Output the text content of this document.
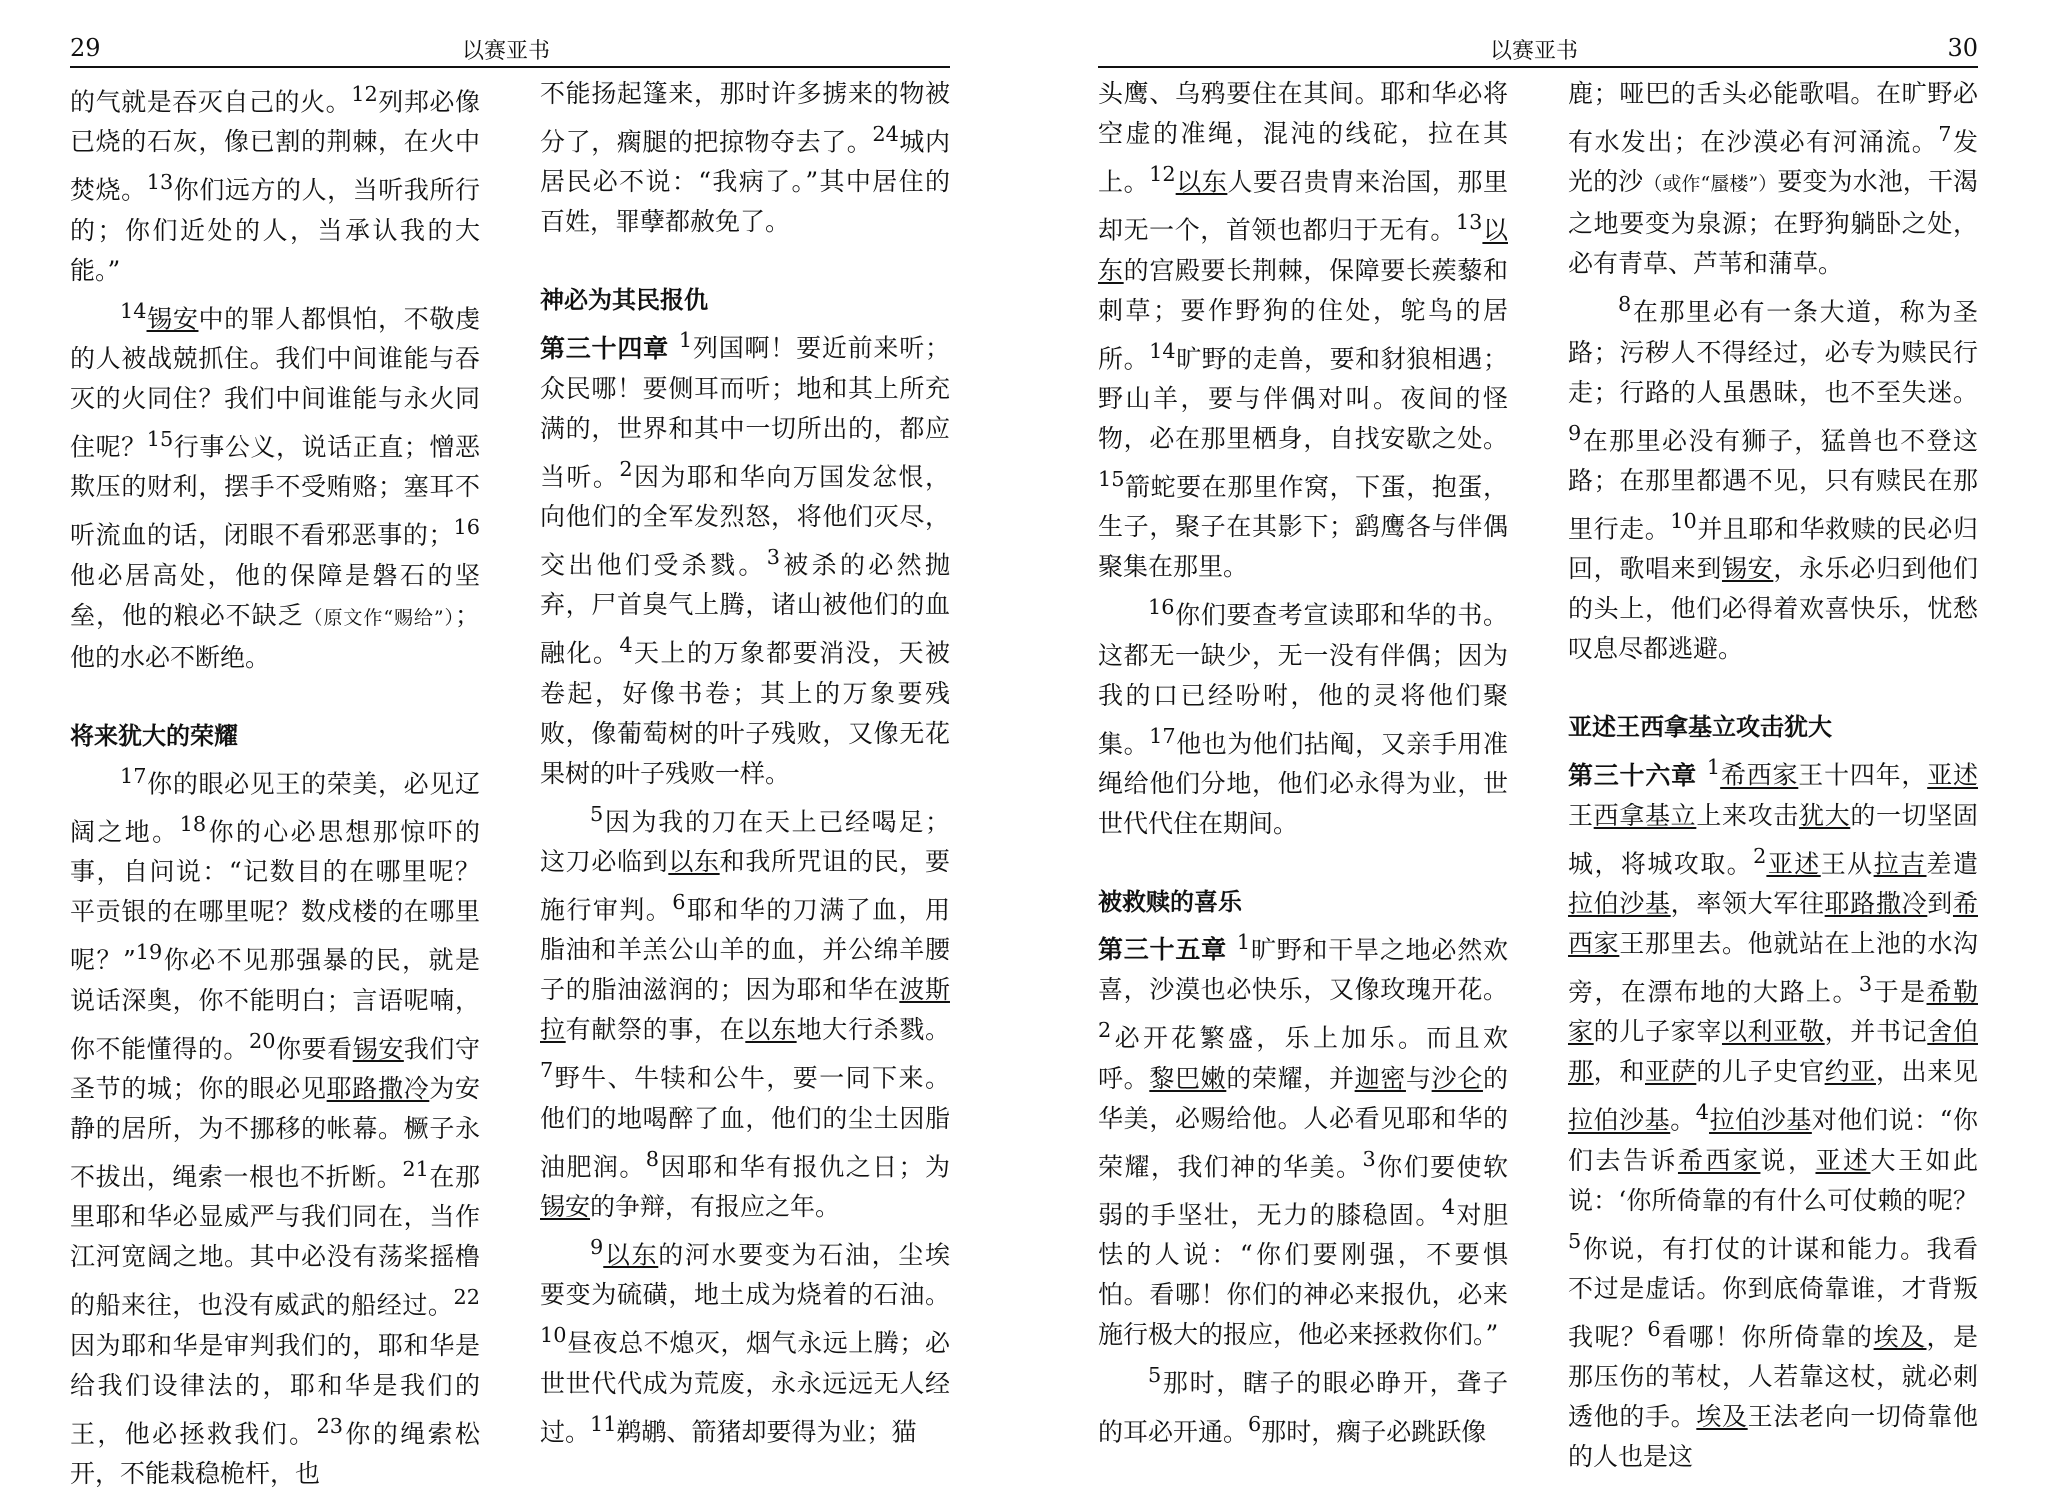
29	以赛亚书

的气就是吞灭自己的火。$^{12}$列邦必像已烧的石灰，像已割的荆棘，在火中焚烧。$^{13}$你们远方的人，当听我所行的；你们近处的人，当承认我的大能。”

$^{14}$锡安中的罪人都惧怕，不敬虔的人被战兢抓住。我们中间谁能与吞灭的火同住？我们中间谁能与永火同住呢？$^{15}$行事公义，说话正直；憎恶欺压的财利，摆手不受贿赂；塞耳不听流血的话，闭眼不看邪恶事的；$^{16}$他必居高处，他的保障是磐石的坚垒，他的粮必不缺乏（原文作“赐给”）；他的水必不断绝。

将来犹大的荣耀

$^{17}$你的眼必见王的荣美，必见辽阔之地。$^{18}$你的心必思想那惊吓的事，自问说：“记数目的在哪里呢？平贡银的在哪里呢？数戍楼的在哪里呢？”$^{19}$你必不见那强暴的民，就是说话深奥，你不能明白；言语呢喃，你不能懂得的。$^{20}$你要看锡安我们守圣节的城；你的眼必见耶路撒冷为安静的居所，为不挪移的帐幕。橛子永不拔出，绳索一根也不折断。$^{21}$在那里耶和华必显威严与我们同在，当作江河宽阔之地。其中必没有荡桨摇橹的船来往，也没有威武的船经过。$^{22}$因为耶和华是审判我们的，耶和华是给我们设律法的，耶和华是我们的王，他必拯救我们。$^{23}$你的绳索松开，不能栽稳桅杆，也

不能扬起篷来，那时许多掳来的物被分了，瘸腿的把掠物夺去了。$^{24}$城内居民必不说：“我病了。”其中居住的百姓，罪孽都赦免了。

神必为其民报仇

第三十四章 $^1$列国啊！要近前来听；众民哪！要侧耳而听；地和其上所充满的，世界和其中一切所出的，都应当听。$^2$因为耶和华向万国发忿恨，向他们的全军发烈怒，将他们灭尽，交出他们受杀戮。$^3$被杀的必然抛弃，尸首臭气上腾，诸山被他们的血融化。$^4$天上的万象都要消没，天被卷起，好像书卷；其上的万象要残败，像葡萄树的叶子残败，又像无花果树的叶子残败一样。

$^5$因为我的刀在天上已经喝足；这刀必临到以东和我所咒诅的民，要施行审判。$^6$耶和华的刀满了血，用脂油和羊羔公山羊的血，并公绵羊腰子的脂油滋润的；因为耶和华在波斯拉有献祭的事，在以东地大行杀戮。$^7$野牛、牛犊和公牛，要一同下来。他们的地喝醉了血，他们的尘土因脂油肥润。$^8$因耶和华有报仇之日；为锡安的争辩，有报应之年。

$^9$以东的河水要变为石油，尘埃要变为硫磺，地土成为烧着的石油。$^{10}$昼夜总不熄灭，烟气永远上腾；必世世代代成为荒废，永永远远无人经过。$^{11}$鹈鹕、箭猪却要得为业；猫

以赛亚书	30

头鹰、乌鸦要住在其间。耶和华必将空虚的准绳，混沌的线砣，拉在其上。$^{12}$以东人要召贵胄来治国，那里却无一个，首领也都归于无有。$^{13}$以东的宫殿要长荆棘，保障要长蒺藜和刺草；要作野狗的住处，鸵鸟的居所。$^{14}$旷野的走兽，要和豺狼相遇；野山羊，要与伴偶对叫。夜间的怪物，必在那里栖身，自找安歇之处。$^{15}$箭蛇要在那里作窝，下蛋，抱蛋，生子，聚子在其影下；鹞鹰各与伴偶聚集在那里。

$^{16}$你们要查考宣读耶和华的书。这都无一缺少，无一没有伴偶；因为我的口已经吩咐，他的灵将他们聚集。$^{17}$他也为他们拈阄，又亲手用准绳给他们分地，他们必永得为业，世世代代住在期间。

被救赎的喜乐

第三十五章 $^1$旷野和干旱之地必然欢喜，沙漠也必快乐，又像玫瑰开花。$^2$必开花繁盛，乐上加乐。而且欢呼。黎巴嫩的荣耀，并迦密与沙仑的华美，必赐给他。人必看见耶和华的荣耀，我们神的华美。$^3$你们要使软弱的手坚壮，无力的膝稳固。$^4$对胆怯的人说：“你们要刚强，不要惧怕。看哪！你们的神必来报仇，必来施行极大的报应，他必来拯救你们。”

$^5$那时，瞎子的眼必睁开，聋子的耳必开通。$^6$那时，瘸子必跳跃像

鹿；哑巴的舌头必能歌唱。在旷野必有水发出；在沙漠必有河涌流。$^7$发光的沙（或作“蜃楼”）要变为水池，干渴之地要变为泉源；在野狗躺卧之处，必有青草、芦苇和蒲草。

$^8$在那里必有一条大道，称为圣路；污秽人不得经过，必专为赎民行走；行路的人虽愚昧，也不至失迷。$^9$在那里必没有狮子，猛兽也不登这路；在那里都遇不见，只有赎民在那里行走。$^{10}$并且耶和华救赎的民必归回，歌唱来到锡安，永乐必归到他们的头上，他们必得着欢喜快乐，忧愁叹息尽都逃避。

亚述王西拿基立攻击犹大

第三十六章 $^1$希西家王十四年，亚述王西拿基立上来攻击犹大的一切坚固城，将城攻取。$^2$亚述王从拉吉差遣拉伯沙基，率领大军往耶路撒冷到希西家王那里去。他就站在上池的水沟旁，在漂布地的大路上。$^3$于是希勒家的儿子家宰以利亚敬，并书记舍伯那，和亚萨的儿子史官约亚，出来见拉伯沙基。$^4$拉伯沙基对他们说：“你们去告诉希西家说，亚述大王如此说：‘你所倚靠的有什么可仗赖的呢？$^5$你说，有打仗的计谋和能力。我看不过是虚话。你到底倚靠谁，才背叛我呢？$^6$看哪！你所倚靠的埃及，是那压伤的苇杖，人若靠这杖，就必刺透他的手。埃及王法老向一切倚靠他的人也是这
